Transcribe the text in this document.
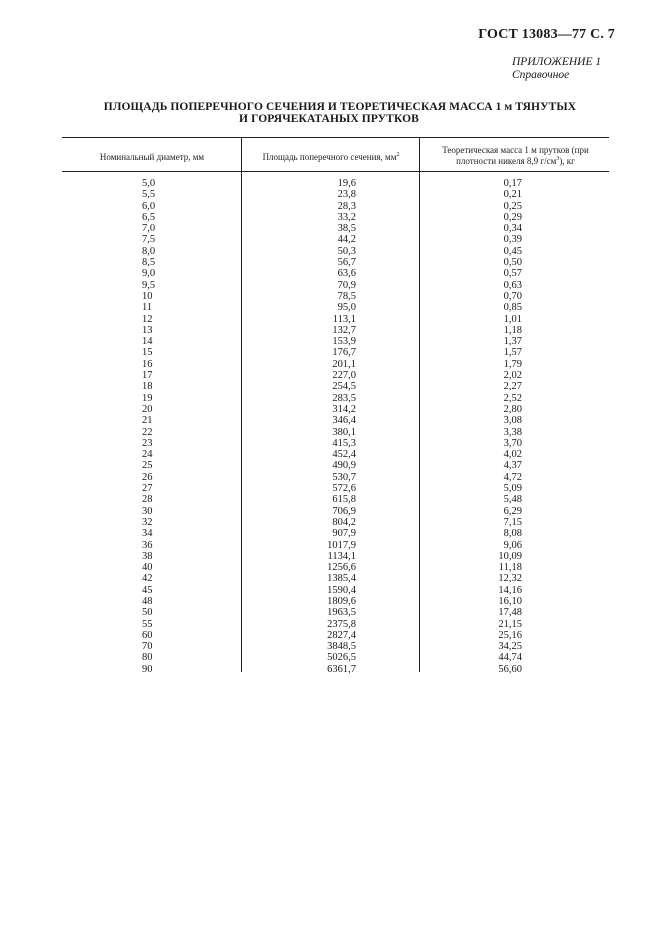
ГОСТ 13083—77 С. 7
ПРИЛОЖЕНИЕ 1
Справочное
ПЛОЩАДЬ ПОПЕРЕЧНОГО СЕЧЕНИЯ И ТЕОРЕТИЧЕСКАЯ МАССА 1 м ТЯНУТЫХ
И ГОРЯЧЕКАТАНЫХ ПРУТКОВ
Номинальный диаметр, мм	Площадь поперечного сечения, $мм^2$	Теоретическая масса 1 м прутков (при
плотности никеля 8,9 $г/см^3$), кг
5,0	19,6	0,17
5,5	23,8	0,21
6,0	28,3	0,25
6,5	33,2	0,29
7,0	38,5	0,34
7,5	44,2	0,39
8,0	50,3	0,45
8,5	56,7	0,50
9,0	63,6	0,57
9,5	70,9	0,63
10	78,5	0,70
11	95,0	0,85
12	113,1	1,01
13	132,7	1,18
14	153,9	1,37
15	176,7	1,57
16	201,1	1,79
17	227,0	2,02
18	254,5	2,27
19	283,5	2,52
20	314,2	2,80
21	346,4	3,08
22	380,1	3,38
23	415,3	3,70
24	452,4	4,02
25	490,9	4,37
26	530,7	4,72
27	572,6	5,09
28	615,8	5,48
30	706,9	6,29
32	804,2	7,15
34	907,9	8,08
36	1017,9	9,06
38	1134,1	10,09
40	1256,6	11,18
42	1385,4	12,32
45	1590,4	14,16
48	1809,6	16,10
50	1963,5	17,48
55	2375,8	21,15
60	2827,4	25,16
70	3848,5	34,25
80	5026,5	44,74
90	6361,7	56,60
